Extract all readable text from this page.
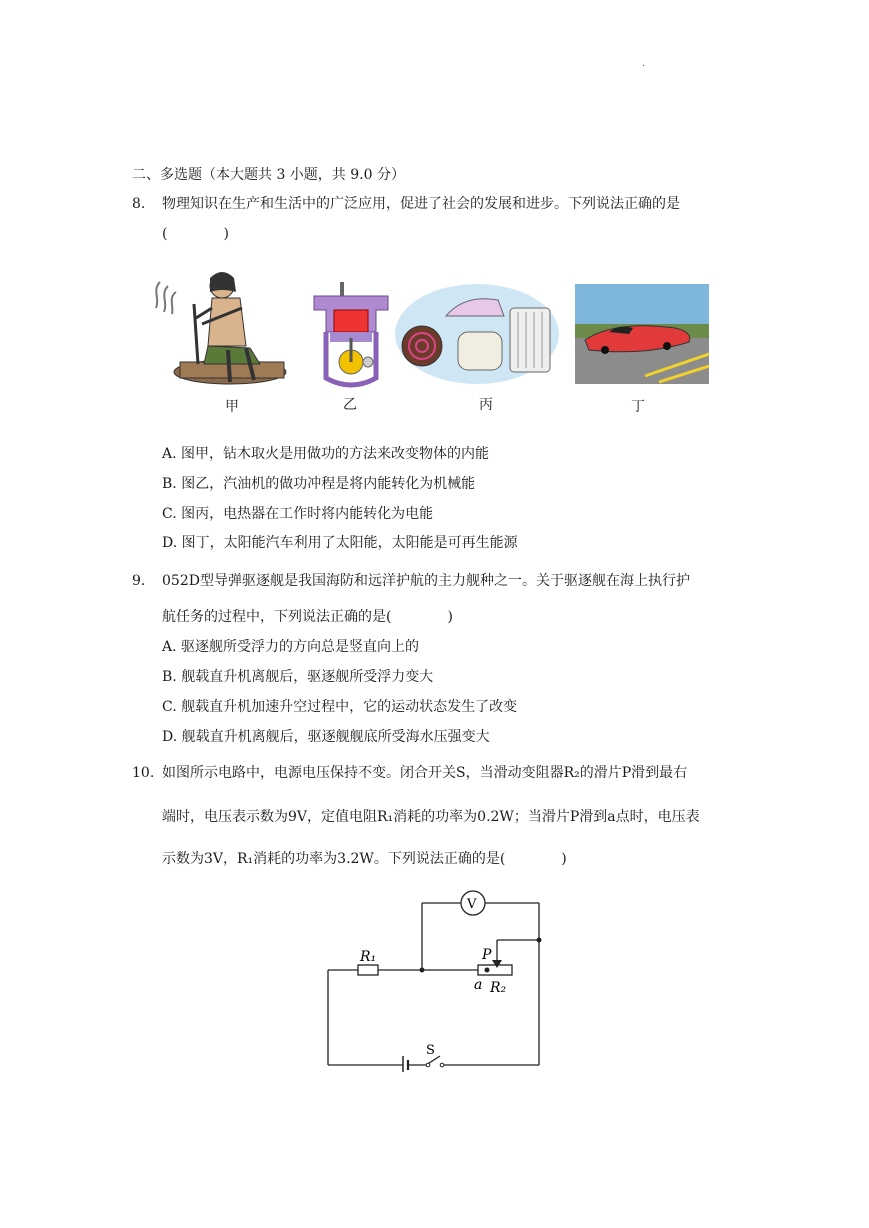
.
二、多选题（本大题共 3 小题，共 9.0 分）
8. 物理知识在生产和生活中的广泛应用，促进了社会的发展和进步。下列说法正确的是
(　　　　)
甲	乙	丙	丁
A. 图甲，钻木取火是用做功的方法来改变物体的内能
B. 图乙，汽油机的做功冲程是将内能转化为机械能
C. 图丙，电热器在工作时将内能转化为电能
D. 图丁，太阳能汽车利用了太阳能，太阳能是可再生能源
9. 052D型导弹驱逐舰是我国海防和远洋护航的主力舰种之一。关于驱逐舰在海上执行护
航任务的过程中，下列说法正确的是(　　　　)
A. 驱逐舰所受浮力的方向总是竖直向上的
B. 舰载直升机离舰后，驱逐舰所受浮力变大
C. 舰载直升机加速升空过程中，它的运动状态发生了改变
D. 舰载直升机离舰后，驱逐舰舰底所受海水压强变大
10. 如图所示电路中，电源电压保持不变。闭合开关S，当滑动变阻器R₂的滑片P滑到最右
端时，电压表示数为9V，定值电阻R₁消耗的功率为0.2W；当滑片P滑到a点时，电压表
示数为3V，R₁消耗的功率为3.2W。下列说法正确的是(　　　　)
V
R₁	P
a R₂
S
